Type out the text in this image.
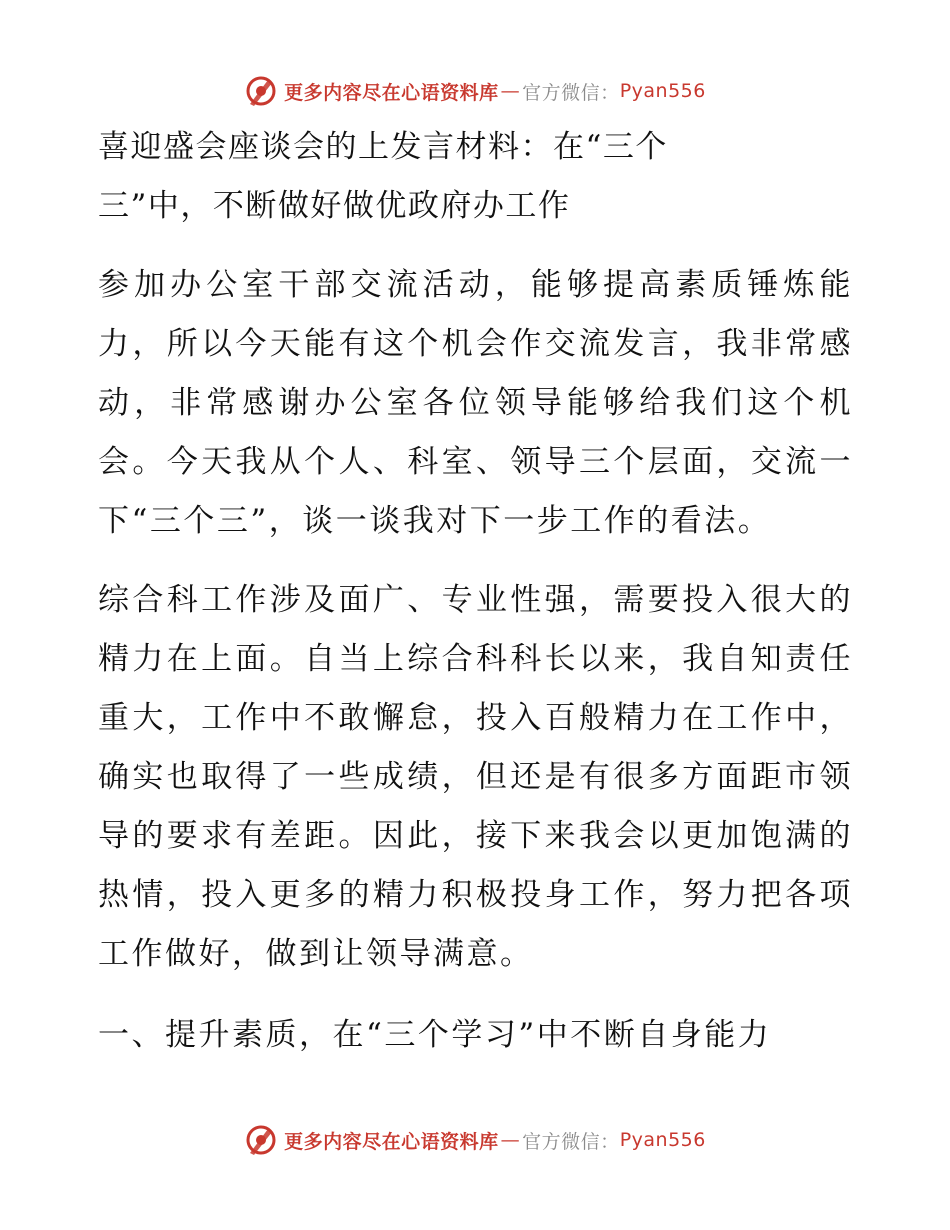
更多内容尽在心语资料库 — 官方微信： Pyan556
喜迎盛会座谈会的上发言材料：在“三个三”中，不断做好做优政府办工作

参加办公室干部交流活动，能够提高素质锤炼能力，所以今天能有这个机会作交流发言，我非常感动，非常感谢办公室各位领导能够给我们这个机会。今天我从个人、科室、领导三个层面，交流一下“三个三”，谈一谈我对下一步工作的看法。

综合科工作涉及面广、专业性强，需要投入很大的精力在上面。自当上综合科科长以来，我自知责任重大，工作中不敢懈怠，投入百般精力在工作中，确实也取得了一些成绩，但还是有很多方面距市领导的要求有差距。因此，接下来我会以更加饱满的热情，投入更多的精力积极投身工作，努力把各项工作做好，做到让领导满意。

一、提升素质，在“三个学习”中不断自身能力
更多内容尽在心语资料库 — 官方微信： Pyan556
